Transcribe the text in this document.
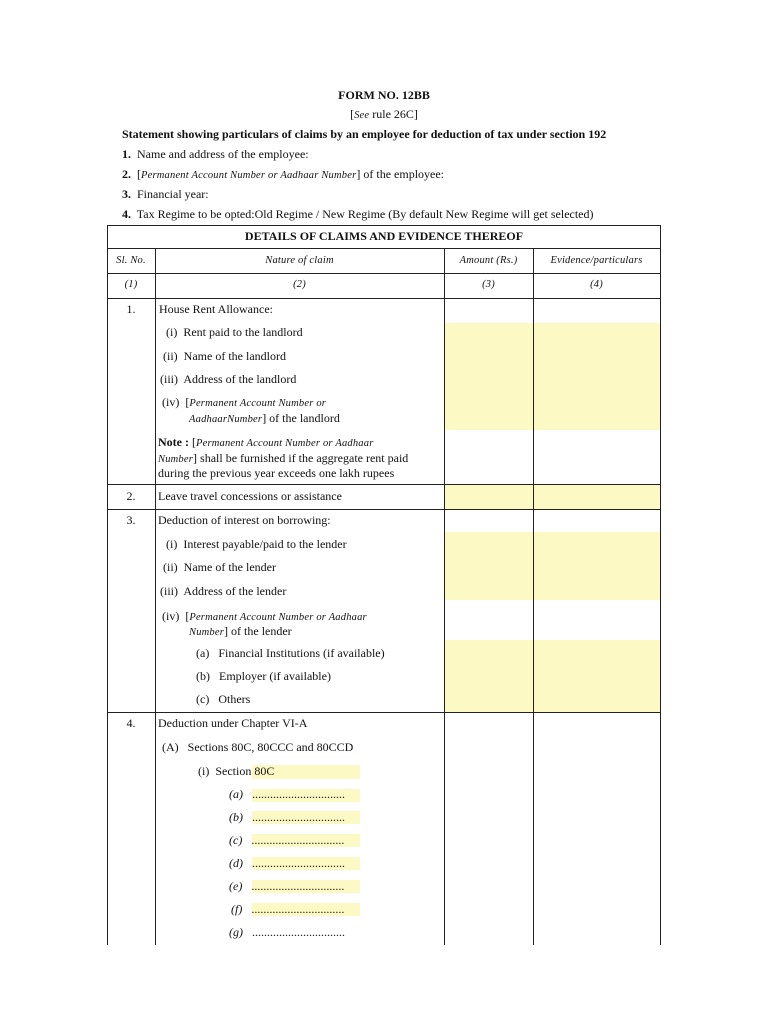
FORM NO. 12BB
[See rule 26C]
Statement showing particulars of claims by an employee for deduction of tax under section 192
1. Name and address of the employee:
2. [Permanent Account Number or Aadhaar Number] of the employee:
3. Financial year:
4. Tax Regime to be opted:Old Regime / New Regime (By default New Regime will get selected)
DETAILS OF CLAIMS AND EVIDENCE THEREOF
Sl. No.	Nature of claim	Amount (Rs.)	Evidence/particulars
(1)	(2)	(3)	(4)
1.	House Rent Allowance:
(i) Rent paid to the landlord
(ii) Name of the landlord
(iii) Address of the landlord
(iv) [Permanent Account Number or
AadhaarNumber] of the landlord
Note : [Permanent Account Number or Aadhaar
Number] shall be furnished if the aggregate rent paid
during the previous year exceeds one lakh rupees
2.	Leave travel concessions or assistance
3.	Deduction of interest on borrowing:
(i) Interest payable/paid to the lender
(ii) Name of the lender
(iii) Address of the lender
(iv) [Permanent Account Number or Aadhaar
Number] of the lender
(a) Financial Institutions (if available)
(b) Employer (if available)
(c) Others
4.	Deduction under Chapter VI-A
(A) Sections 80C, 80CCC and 80CCD
(i) Section 80C
(a) ...............................
(b) ...............................
(c) ...............................
(d) ...............................
(e) ...............................
(f) ...............................
(g) ...............................
